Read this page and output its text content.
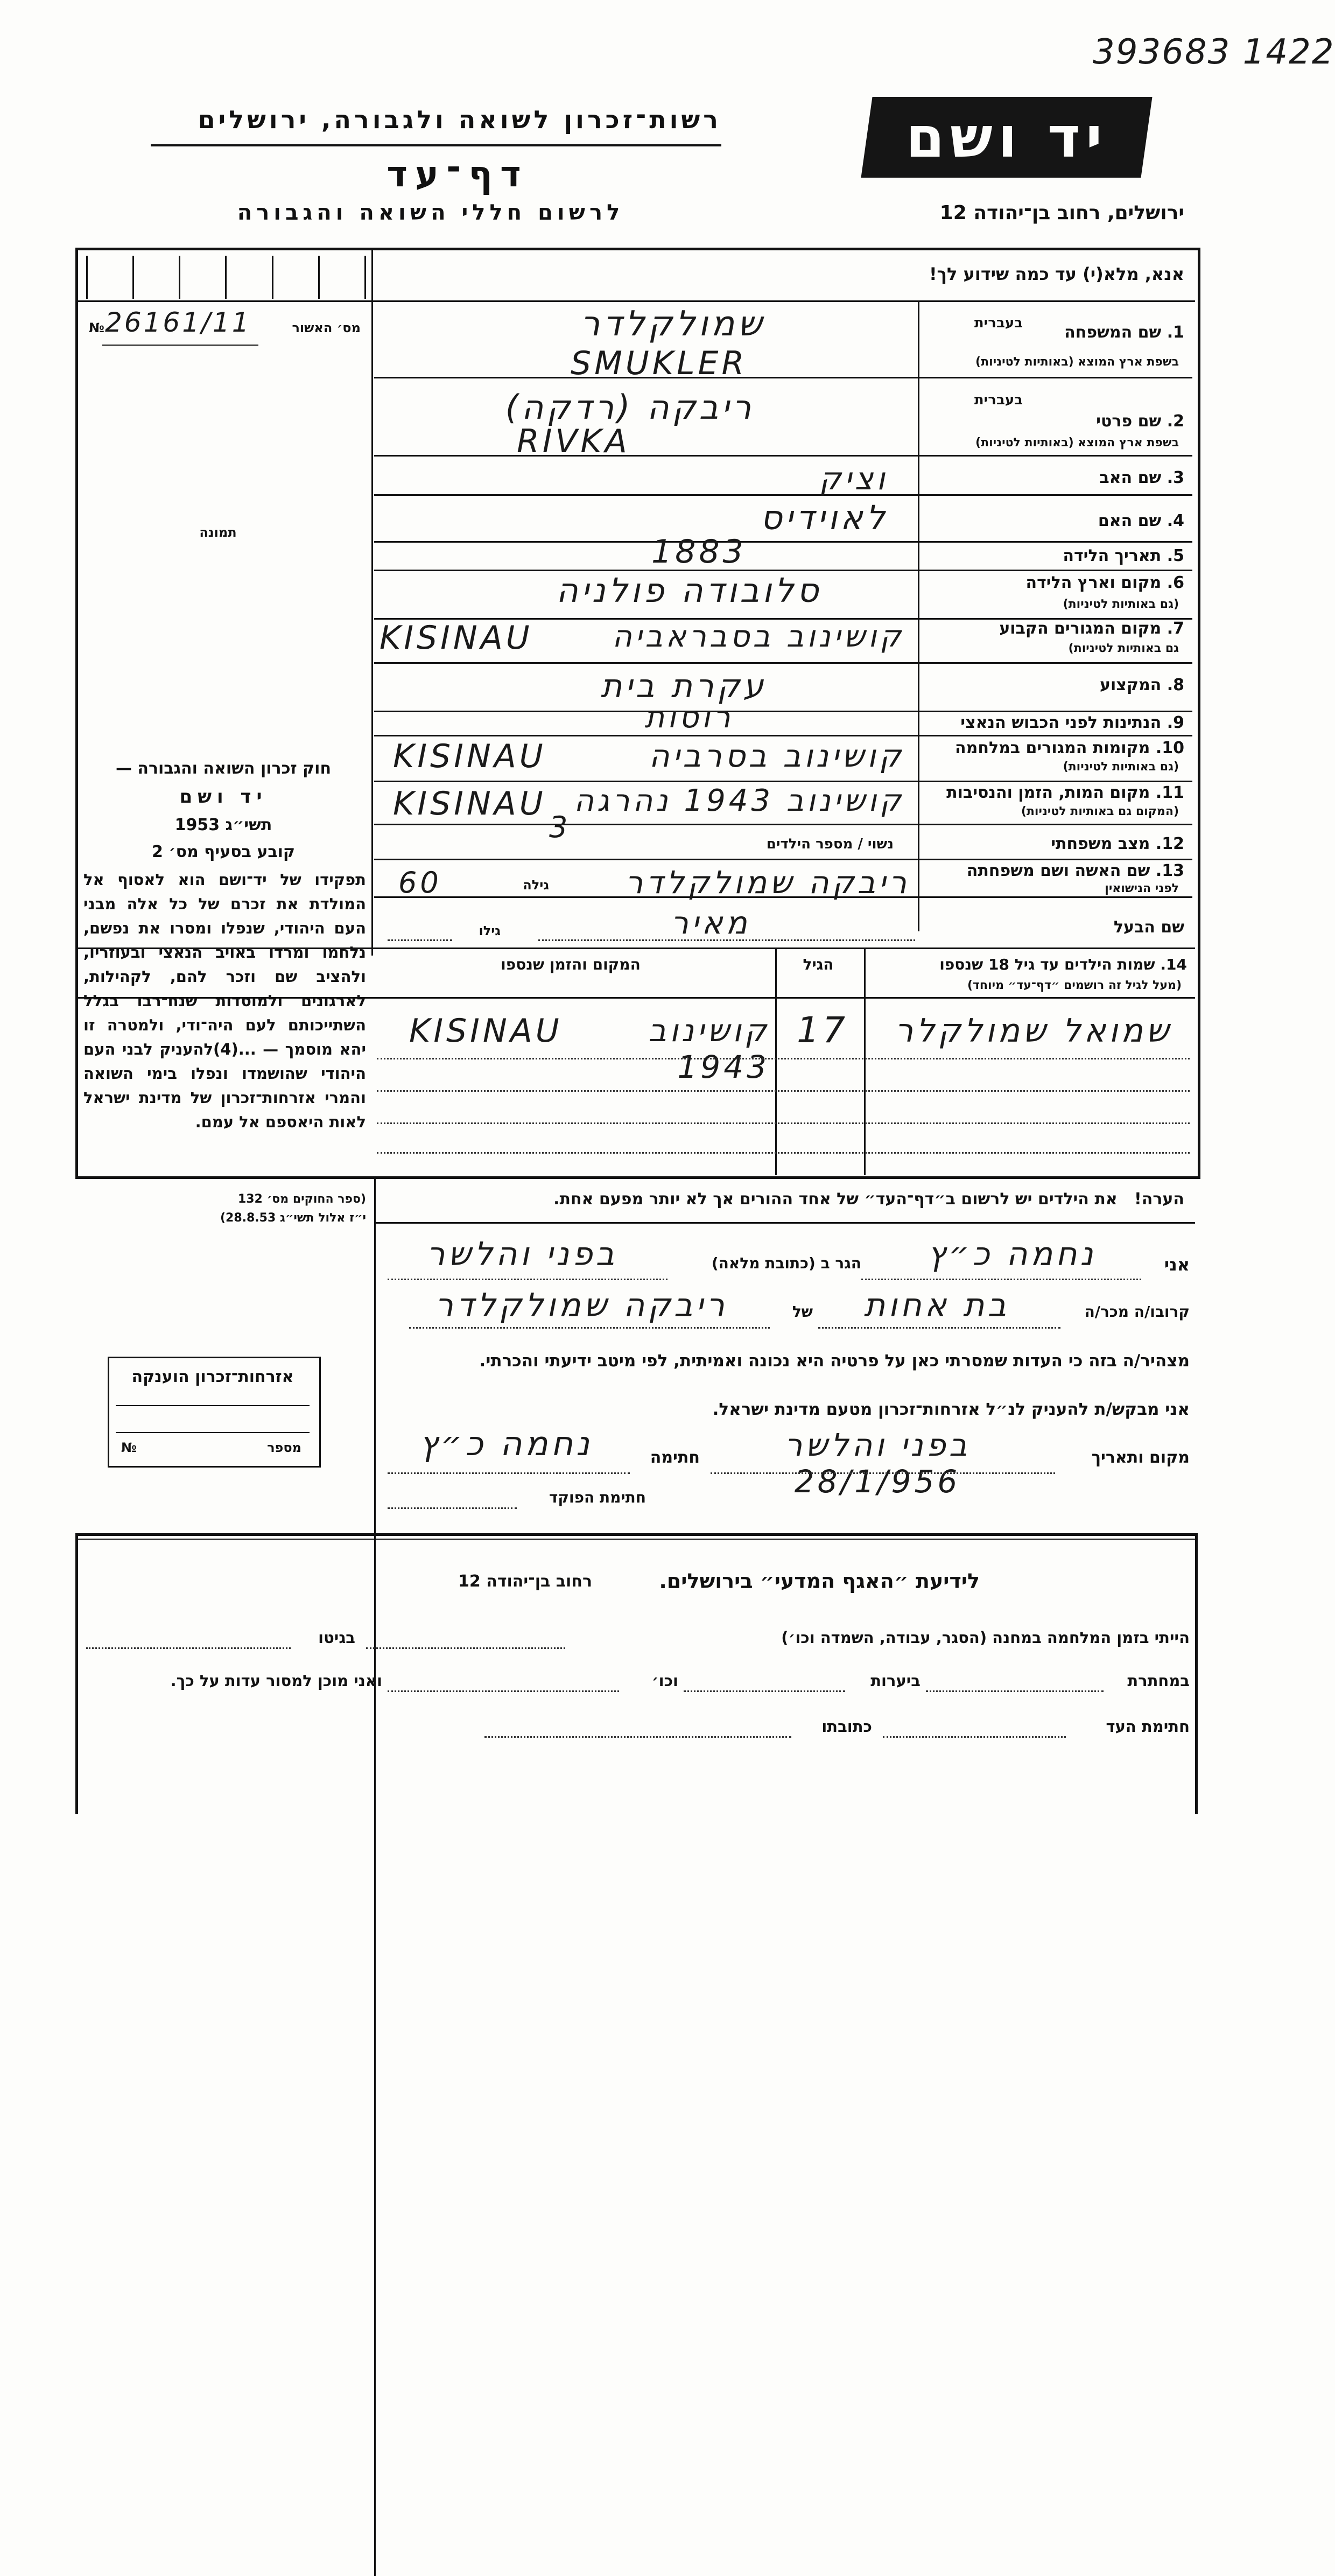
393683 1422
רשות־זכרון לשואה ולגבורה, ירושלים
דף־עד
לרשום חללי השואה והגבורה
יד ושם
ירושלים, רחוב בן־יהודה 12
אנא, מלא(י) עד כמה שידוע לך!
מס׳ האשור
26161/11
№
תמונה
1. שם המשפחה
בעברית
בשפת ארץ המוצא (באותיות לטיניות)
שמולקלדר
SMUKLER
2. שם פרטי
בעברית
בשפת ארץ המוצא (באותיות לטיניות)
ריבקה (רדקה)
RIVKA
3. שם האב
וציק
4. שם האם
לאוידיס
5. תאריך הלידה
1883
6. מקום וארץ הלידה
(גם באותיות לטיניות)
סלובודה פולניה
7. מקום המגורים הקבוע
גם באותיות לטיניות)
קושינוב בסבראביה
KISINAU
8. המקצוע
עקרת בית
9. הנתינות לפני הכבוש הנאצי
רוסות
10. מקומות המגורים במלחמה
(גם באותיות לטיניות)
קושינוב בסרביה
KISINAU
11. מקום המות, הזמן והנסיבות
(המקום גם באותיות לטיניות)
קושינוב 1943 נהרגה
KISINAU
12. מצב משפחתי
נשוי / מספר הילדים
3
13. שם האשה ושם משפחתה
לפני הנישואין
ריבקה שמולקלדר
גילה
60
שם הבעל
מאיר
גילו
14. שמות הילדים עד גיל 18 שנספו
(מעל לגיל זה רושמים ״דף־עד״ מיוחד)
הגיל
המקום והזמן שנספו
שמואל שמולקלר
17
קושינוב 1943
KISINAU
חוק זכרון השואה והגבורה —
יד ושם
תשי״ג 1953
קובע בסעיף מס׳ 2
תפקידו של יד־ושם הוא לאסוף אל המולדת את זכרם של כל אלה מבני העם היהודי, שנפלו ומסרו את נפשם, נלחמו ומרדו באויב הנאצי ובעוזריו, ולהציב שם וזכר להם, לקהילות, לארגונים ולמוסדות שנח־רבו בגלל השתייכותם לעם היה־ודי, ולמטרה זו יהא מוסמך — ...(4)להעניק לבני העם היהודי שהושמדו ונפלו בימי השואה והמרי אזרחות־זכרון של מדינת ישראל לאות היאספם אל עמם.
(ספר החוקים מס׳ 132
י״ז אלול תשי״ג 28.8.53)
אזרחות־זכרון הוענקה
מספר
№
הערה!   את הילדים יש לרשום ב״דף־העד״ של אחד ההורים אך לא יותר מפעם אחת.
אני
נחמה כ״ץ
הגר ב (כתובת מלאה)
בפני והלשר
קרובו/ה מכר/ה
בת אחות
של
ריבקה שמולקלדר
מצהיר/ה בזה כי העדות שמסרתי כאן על פרטיה היא נכונה ואמיתית, לפי מיטב ידיעתי והכרתי.
אני מבקש/ת להעניק לנ״ל אזרחות־זכרון מטעם מדינת ישראל.
מקום ותאריך
בפני והלשר 28/1/956
חתימה
נחמה כ״ץ
חתימת הפוקד
לידיעת ״האגף המדעי״ בירושלים.
רחוב בן־יהודה 12
הייתי בזמן המלחמה במחנה (הסגר, עבודה, השמדה וכו׳)
בגיטו
במחתרת
ביערות
וכו׳
ואני מוכן למסור עדות על כך.
חתימת העד
כתובתו
